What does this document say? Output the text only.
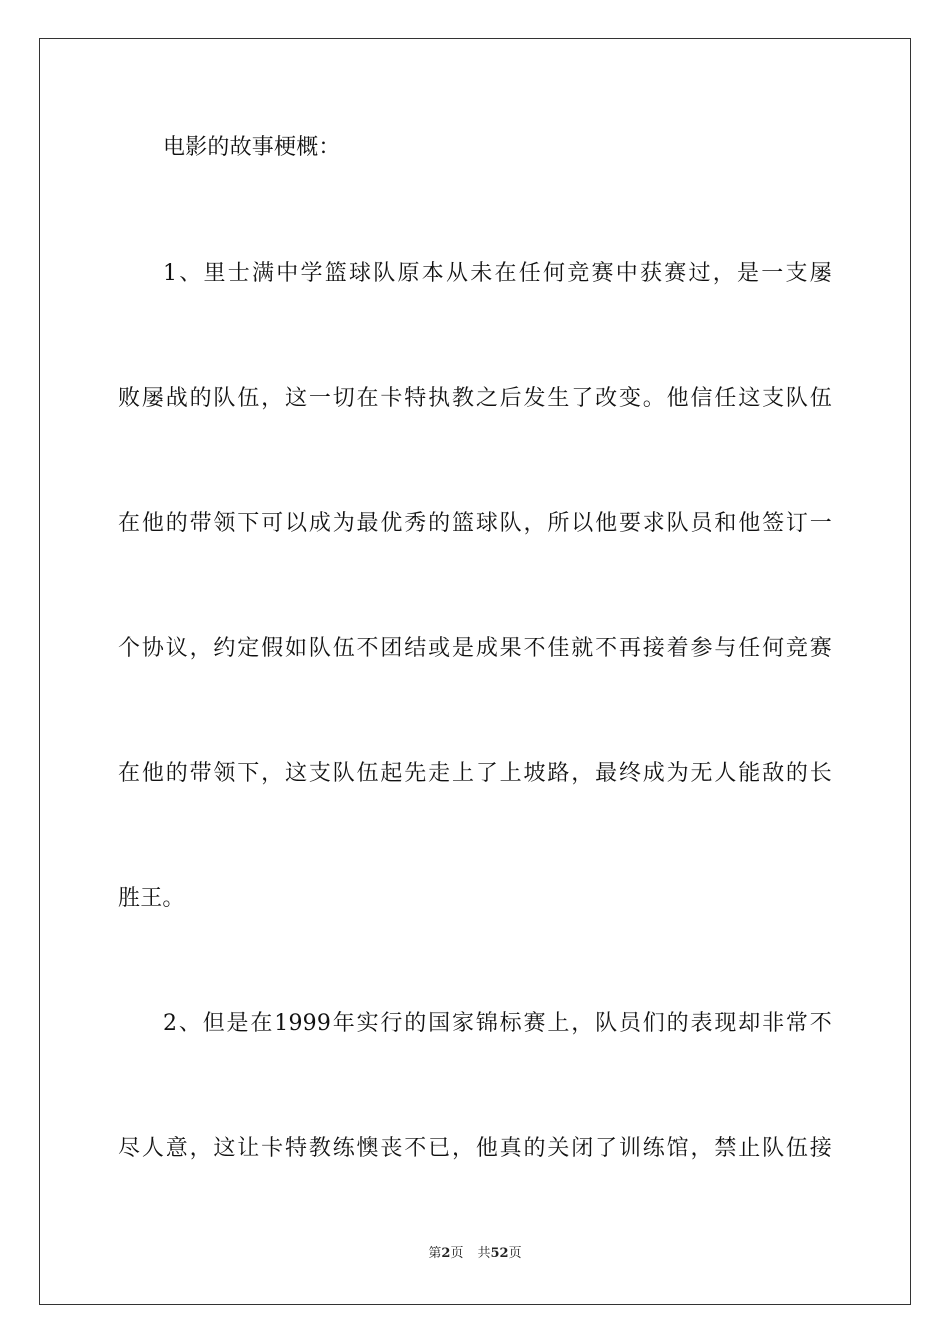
电影的故事梗概：
1、里士满中学篮球队原本从未在任何竞赛中获赛过，是一支屡
败屡战的队伍，这一切在卡特执教之后发生了改变。他信任这支队伍
在他的带领下可以成为最优秀的篮球队，所以他要求队员和他签订一
个协议，约定假如队伍不团结或是成果不佳就不再接着参与任何竞赛
在他的带领下，这支队伍起先走上了上坡路，最终成为无人能敌的长
胜王。
2、但是在1999年实行的国家锦标赛上，队员们的表现却非常不
尽人意，这让卡特教练懊丧不已，他真的关闭了训练馆，禁止队伍接
第2页 共52页
